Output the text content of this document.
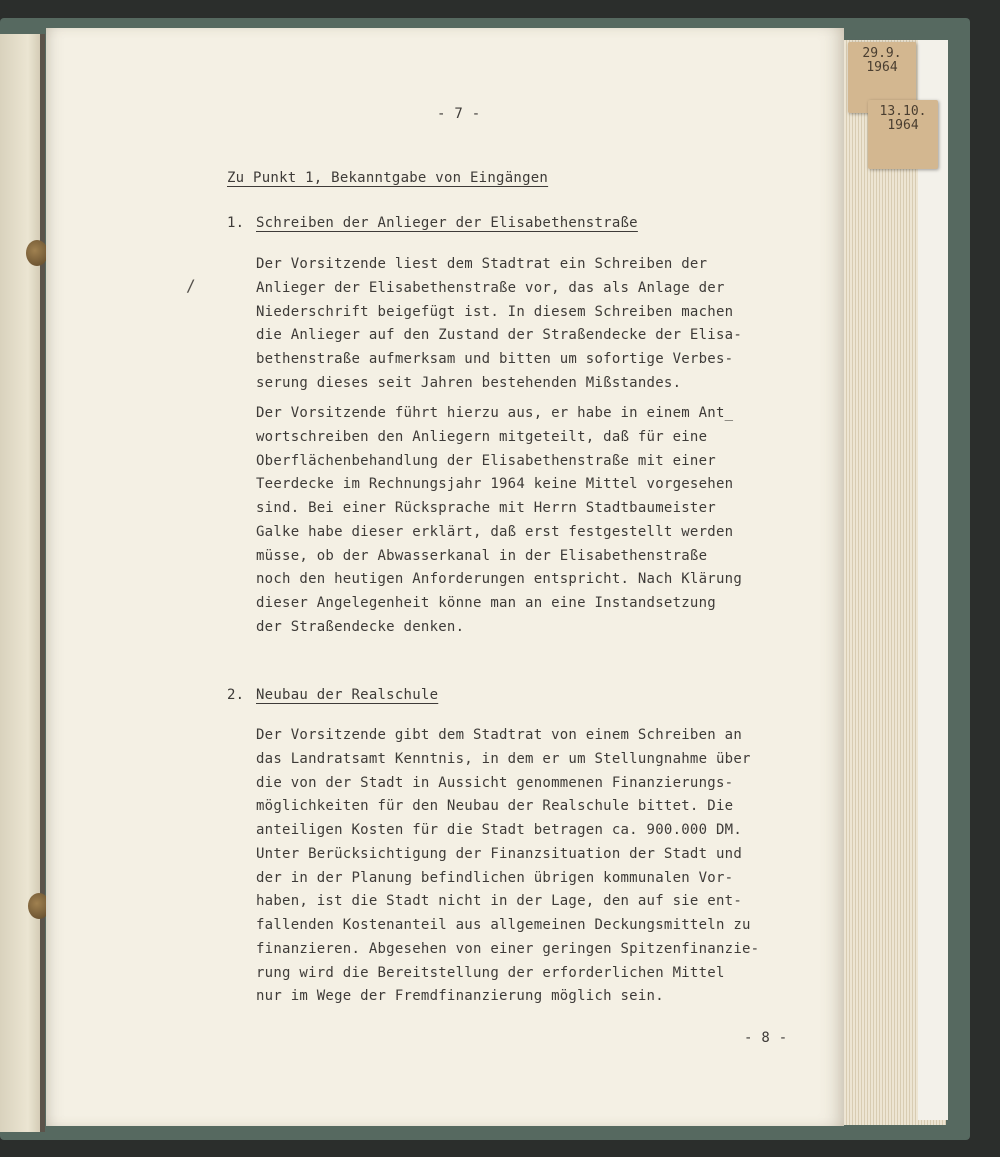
29.9.
1964
13.10.
1964
/
- 7 -
Zu Punkt 1, Bekanntgabe von Eingängen
1. Schreiben der Anlieger der Elisabethenstraße
Der Vorsitzende liest dem Stadtrat ein Schreiben der
Anlieger der Elisabethenstraße vor, das als Anlage der
Niederschrift beigefügt ist. In diesem Schreiben machen
die Anlieger auf den Zustand der Straßendecke der Elisa-
bethenstraße aufmerksam und bitten um sofortige Verbes-
serung dieses seit Jahren bestehenden Mißstandes.
Der Vorsitzende führt hierzu aus, er habe in einem Ant_
wortschreiben den Anliegern mitgeteilt, daß für eine
Oberflächenbehandlung der Elisabethenstraße mit einer
Teerdecke im Rechnungsjahr 1964 keine Mittel vorgesehen
sind. Bei einer Rücksprache mit Herrn Stadtbaumeister
Galke habe dieser erklärt, daß erst festgestellt werden
müsse, ob der Abwasserkanal in der Elisabethenstraße
noch den heutigen Anforderungen entspricht. Nach Klärung
dieser Angelegenheit könne man an eine Instandsetzung
der Straßendecke denken.
2. Neubau der Realschule
Der Vorsitzende gibt dem Stadtrat von einem Schreiben an
das Landratsamt Kenntnis, in dem er um Stellungnahme über
die von der Stadt in Aussicht genommenen Finanzierungs-
möglichkeiten für den Neubau der Realschule bittet. Die
anteiligen Kosten für die Stadt betragen ca. 900.000 DM.
Unter Berücksichtigung der Finanzsituation der Stadt und
der in der Planung befindlichen übrigen kommunalen Vor-
haben, ist die Stadt nicht in der Lage, den auf sie ent-
fallenden Kostenanteil aus allgemeinen Deckungsmitteln zu
finanzieren. Abgesehen von einer geringen Spitzenfinanzie-
rung wird die Bereitstellung der erforderlichen Mittel
nur im Wege der Fremdfinanzierung möglich sein.
- 8 -
